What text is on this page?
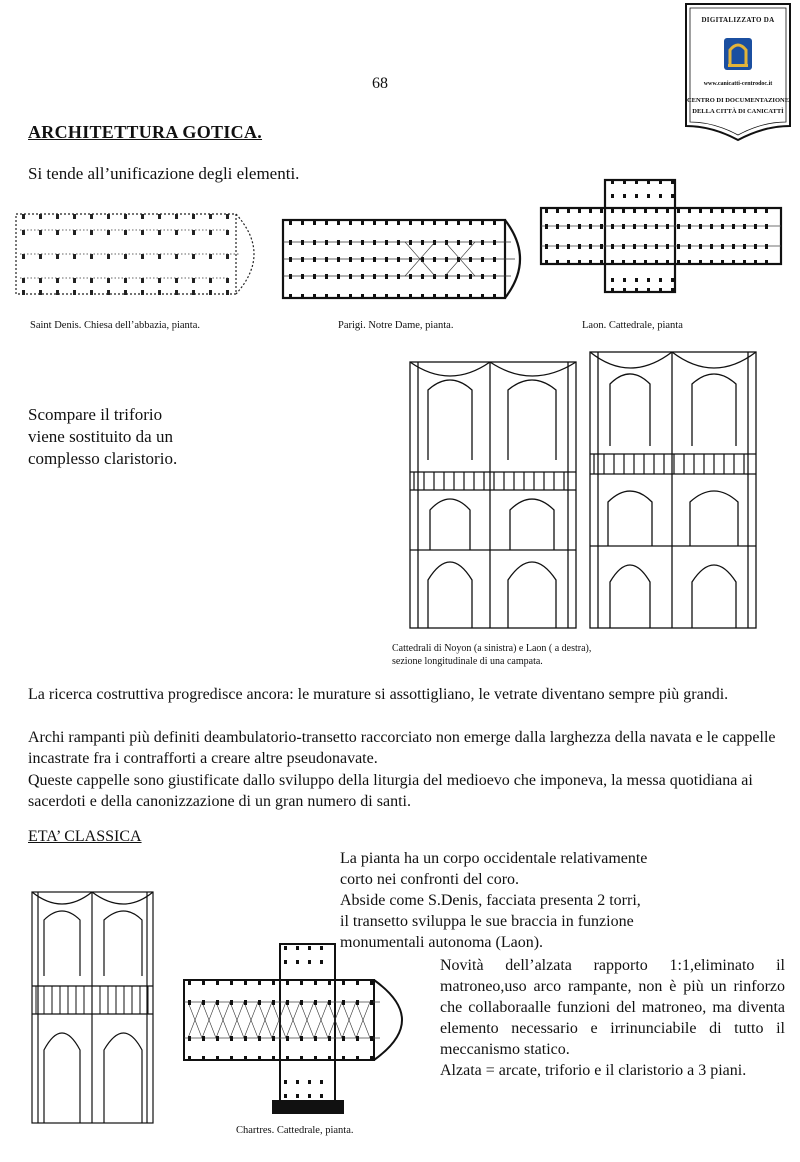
68
DIGITALIZZATO DA
www.canicatti-centrodoc.it
CENTRO DI DOCUMENTAZIONE
DELLA CITTÀ DI CANICATTÌ
ARCHITETTURA GOTICA.
Si tende all’unificazione degli elementi.
Saint Denis. Chiesa dell’abbazia, pianta.	Parigi. Notre Dame, pianta.	Laon. Cattedrale, pianta
Scompare il triforio
viene sostituito da un
complesso claristorio.
Cattedrali di Noyon (a sinistra) e Laon ( a destra),
sezione longitudinale di una campata.
La ricerca costruttiva progredisce ancora: le murature si assottigliano, le vetrate diventano sempre più grandi.
Archi rampanti più definiti deambulatorio-transetto raccorciato non emerge dalla larghezza della navata e le cappelle incastrate fra i contrafforti a creare altre pseudonavate.
Queste cappelle sono giustificate dallo sviluppo della liturgia del medioevo che imponeva, la messa quotidiana ai sacerdoti e della canonizzazione di un gran numero di santi.
ETA’ CLASSICA
La pianta ha un corpo occidentale relativamente
corto nei confronti del coro.
Abside come S.Denis, facciata presenta 2 torri,
il transetto sviluppa le sue braccia in funzione
monumentali autonoma (Laon).
Novità dell’alzata rapporto 1:1,eliminato il matroneo,uso arco rampante, non è più un rinforzo che collaboraalle funzioni del matroneo, ma diventa elemento necessario e irrinunciabile di tutto il meccanismo statico.
Alzata = arcate, triforio e il claristorio a 3 piani.
Chartres. Cattedrale, pianta.
